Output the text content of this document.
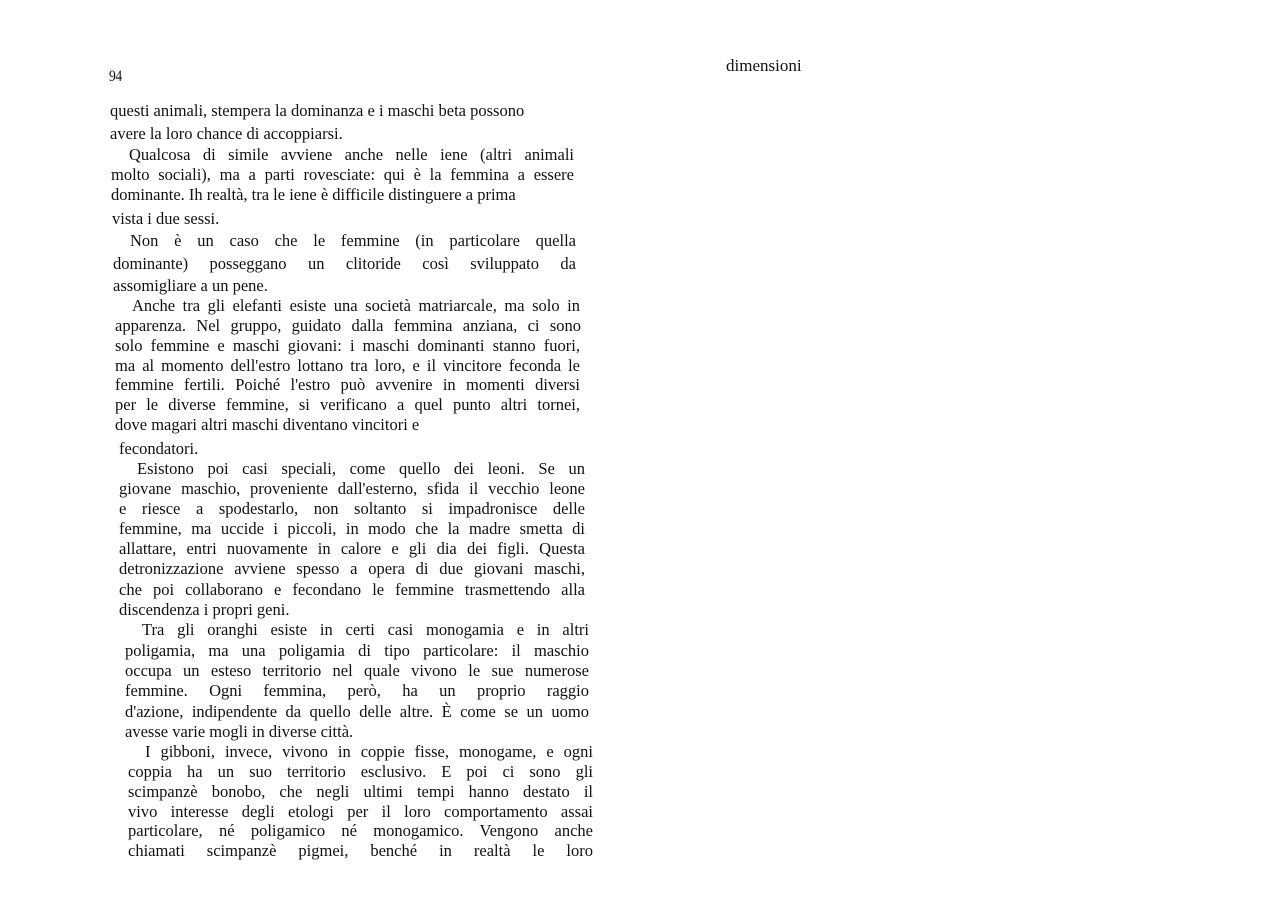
94
dimensioni
questi animali, stempera la dominanza e i maschi beta possono
avere la loro chance di accoppiarsi.
Qualcosa di simile avviene anche nelle iene (altri animali
molto sociali), ma a parti rovesciate: qui è la femmina a essere
dominante. Ih realtà, tra le iene è difficile distinguere a prima
vista i due sessi.
Non è un caso che le femmine (in particolare quella
dominante) posseggano un clitoride così sviluppato da
assomigliare a un pene.
Anche tra gli elefanti esiste una società matriarcale, ma solo in
apparenza. Nel gruppo, guidato dalla femmina anziana, ci sono
solo femmine e maschi giovani: i maschi dominanti stanno fuori,
ma al momento dell'estro lottano tra loro, e il vincitore feconda le
femmine fertili. Poiché l'estro può avvenire in momenti diversi
per le diverse femmine, si verificano a quel punto altri tornei,
dove magari altri maschi diventano vincitori e
fecondatori.
Esistono poi casi speciali, come quello dei leoni. Se un
giovane maschio, proveniente dall'esterno, sfida il vecchio leone
e riesce a spodestarlo, non soltanto si impadronisce delle
femmine, ma uccide i piccoli, in modo che la madre smetta di
allattare, entri nuovamente in calore e gli dia dei figli. Questa
detronizzazione avviene spesso a opera di due giovani maschi,
che poi collaborano e fecondano le femmine trasmettendo alla
discendenza i propri geni.
Tra gli oranghi esiste in certi casi monogamia e in altri
poligamia, ma una poligamia di tipo particolare: il maschio
occupa un esteso territorio nel quale vivono le sue numerose
femmine. Ogni femmina, però, ha un proprio raggio
d'azione, indipendente da quello delle altre. È come se un uomo
avesse varie mogli in diverse città.
I gibboni, invece, vivono in coppie fisse, monogame, e ogni
coppia ha un suo territorio esclusivo. E poi ci sono gli
scimpanzè bonobo, che negli ultimi tempi hanno destato il
vivo interesse degli etologi per il loro comportamento assai
particolare, né poligamico né monogamico. Vengono anche
chiamati scimpanzè pigmei, benché in realtà le loro
